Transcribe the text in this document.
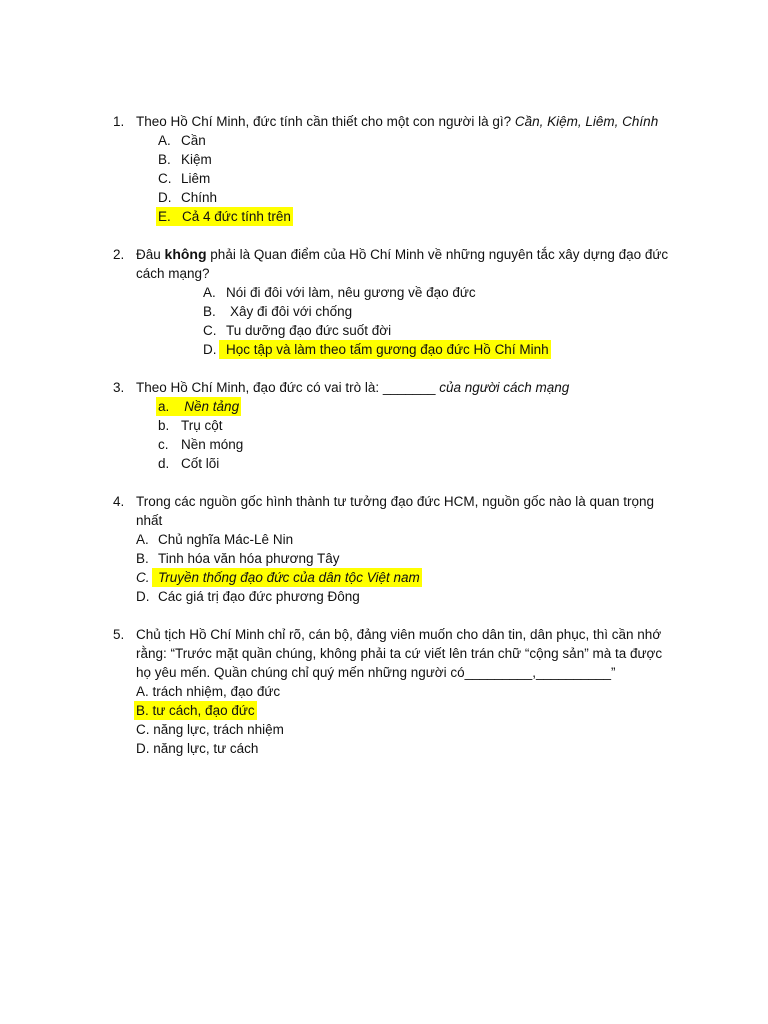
1. Theo Hồ Chí Minh, đức tính cần thiết cho một con người là gì? Cần, Kiệm, Liêm, Chính
A. Cần
B. Kiệm
C. Liêm
D. Chính
E. Cả 4 đức tính trên
2. Đâu không phải là Quan điểm của Hồ Chí Minh về những nguyên tắc xây dựng đạo đức
cách mạng?
A. Nói đi đôi với làm, nêu gương về đạo đức
B. Xây đi đôi với chống
C. Tu dưỡng đạo đức suốt đời
D. Học tập và làm theo tấm gương đạo đức Hồ Chí Minh
3. Theo Hồ Chí Minh, đạo đức có vai trò là: _______ của người cách mạng
a. Nền tảng
b. Trụ cột
c. Nền móng
d. Cốt lõi
4. Trong các nguồn gốc hình thành tư tưởng đạo đức HCM, nguồn gốc nào là quan trọng
nhất
A. Chủ nghĩa Mác-Lê Nin
B. Tinh hóa văn hóa phương Tây
C. Truyền thống đạo đức của dân tộc Việt nam
D. Các giá trị đạo đức phương Đông
5. Chủ tịch Hồ Chí Minh chỉ rõ, cán bộ, đảng viên muốn cho dân tin, dân phục, thì cần nhớ
rằng: “Trước mặt quần chúng, không phải ta cứ viết lên trán chữ “cộng sản” mà ta được
họ yêu mến. Quần chúng chỉ quý mến những người có_________,__________”
A. trách nhiệm, đạo đức
B. tư cách, đạo đức
C. năng lực, trách nhiệm
D. năng lực, tư cách
